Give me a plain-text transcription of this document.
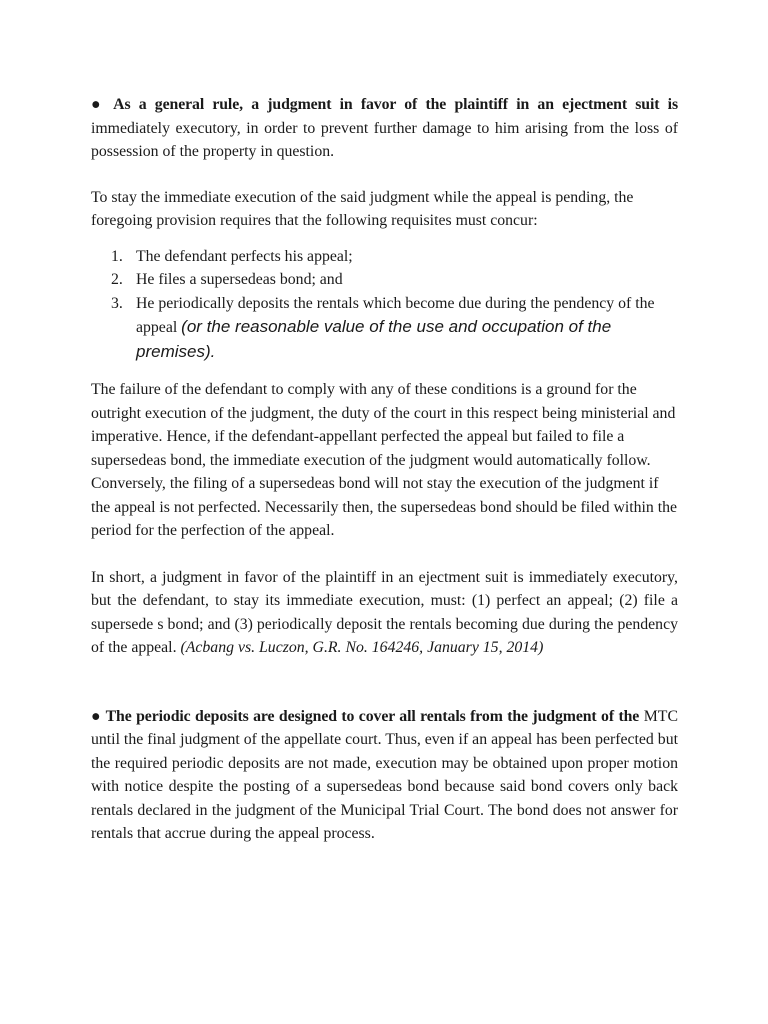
● As a general rule, a judgment in favor of the plaintiff in an ejectment suit is immediately executory, in order to prevent further damage to him arising from the loss of possession of the property in question.

To stay the immediate execution of the said judgment while the appeal is pending, the foregoing provision requires that the following requisites must concur:

1. The defendant perfects his appeal;
2. He files a supersedeas bond; and
3. He periodically deposits the rentals which become due during the pendency of the appeal (or the reasonable value of the use and occupation of the premises).

The failure of the defendant to comply with any of these conditions is a ground for the outright execution of the judgment, the duty of the court in this respect being ministerial and imperative. Hence, if the defendant-appellant perfected the appeal but failed to file a supersedeas bond, the immediate execution of the judgment would automatically follow. Conversely, the filing of a supersedeas bond will not stay the execution of the judgment if the appeal is not perfected. Necessarily then, the supersedeas bond should be filed within the period for the perfection of the appeal.

In short, a judgment in favor of the plaintiff in an ejectment suit is immediately executory, but the defendant, to stay its immediate execution, must: (1) perfect an appeal; (2) file a supersede s bond; and (3) periodically deposit the rentals becoming due during the pendency of the appeal. (Acbang vs. Luczon, G.R. No. 164246, January 15, 2014)

● The periodic deposits are designed to cover all rentals from the judgment of the MTC until the final judgment of the appellate court. Thus, even if an appeal has been perfected but the required periodic deposits are not made, execution may be obtained upon proper motion with notice despite the posting of a supersedeas bond because said bond covers only back rentals declared in the judgment of the Municipal Trial Court. The bond does not answer for rentals that accrue during the appeal process.
